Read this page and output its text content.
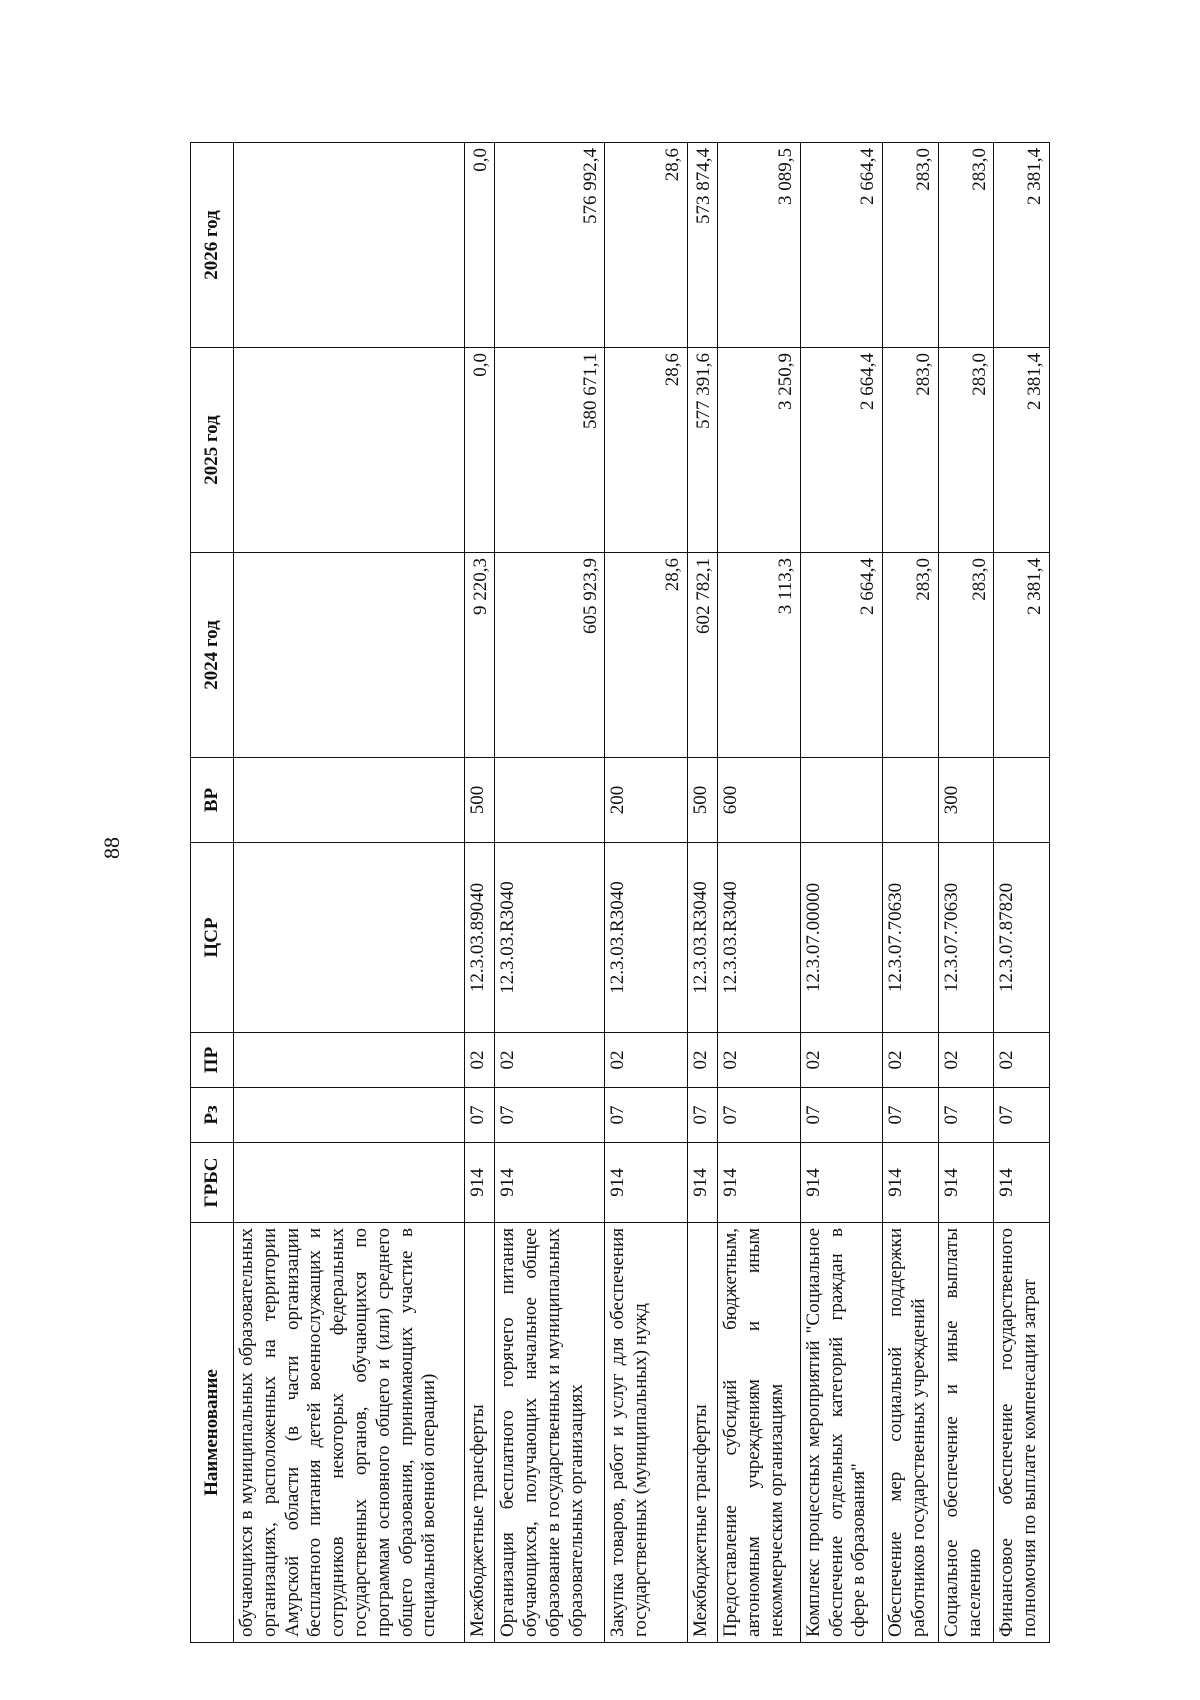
88
Наименование	ГРБС	Рз	ПР	ЦСР	ВР	2024 год	2025 год	2026 год
обучающихся в муниципальных образовательных организациях, расположенных на территории Амурской области (в части организации бесплатного питания детей военнослужащих и сотрудников некоторых федеральных государственных органов, обучающихся по программам основного общего и (или) среднего общего образования, принимающих участие в специальной военной операции)								
Межбюджетные трансферты	914	07	02	12.3.03.89040	500	9 220,3	0,0	0,0
Организация бесплатного горячего питания обучающихся, получающих начальное общее образование в государственных и муниципальных образовательных организациях	914	07	02	12.3.03.R3040		605 923,9	580 671,1	576 992,4
Закупка товаров, работ и услуг для обеспечения государственных (муниципальных) нужд	914	07	02	12.3.03.R3040	200	28,6	28,6	28,6
Межбюджетные трансферты	914	07	02	12.3.03.R3040	500	602 782,1	577 391,6	573 874,4
Предоставление субсидий бюджетным, автономным учреждениям и иным некоммерческим организациям	914	07	02	12.3.03.R3040	600	3 113,3	3 250,9	3 089,5
Комплекс процессных мероприятий "Социальное обеспечение отдельных категорий граждан в сфере в образования"	914	07	02	12.3.07.00000		2 664,4	2 664,4	2 664,4
Обеспечение мер социальной поддержки работников государственных учреждений	914	07	02	12.3.07.70630		283,0	283,0	283,0
Социальное обеспечение и иные выплаты населению	914	07	02	12.3.07.70630	300	283,0	283,0	283,0
Финансовое обеспечение государственного полномочия по выплате компенсации затрат	914	07	02	12.3.07.87820		2 381,4	2 381,4	2 381,4
